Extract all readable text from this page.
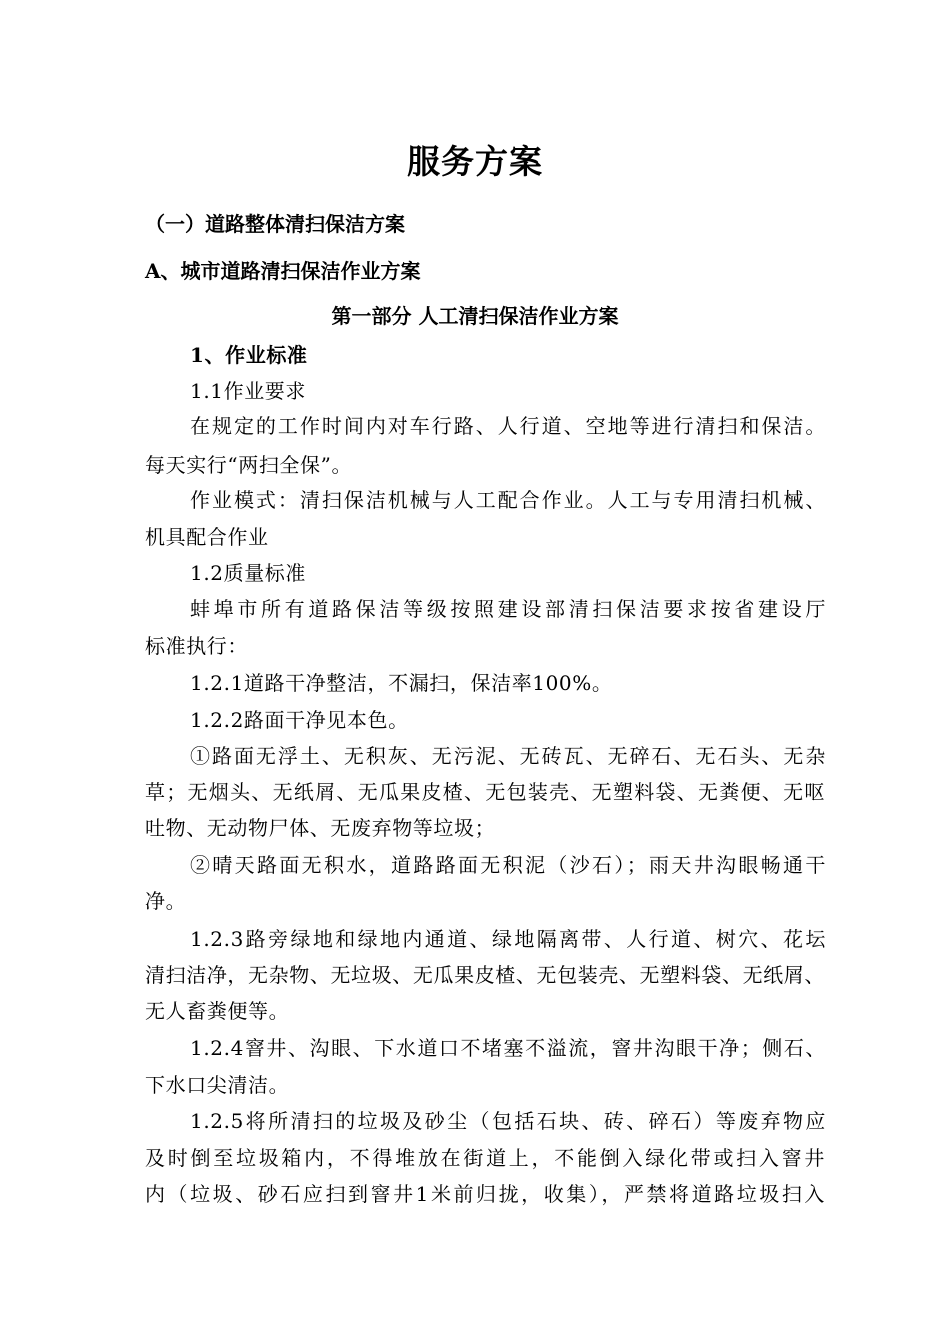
服务方案
（一）道路整体清扫保洁方案
A、城市道路清扫保洁作业方案
第一部分 人工清扫保洁作业方案
1、作业标准
1.1作业要求
在规定的工作时间内对车行路、人行道、空地等进行清扫和保洁。
每天实行“两扫全保”。
作业模式：清扫保洁机械与人工配合作业。人工与专用清扫机械、
机具配合作业
1.2质量标准
蚌埠市所有道路保洁等级按照建设部清扫保洁要求按省建设厅
标准执行：
1.2.1道路干净整洁，不漏扫，保洁率100%。
1.2.2路面干净见本色。
①路面无浮土、无积灰、无污泥、无砖瓦、无碎石、无石头、无杂
草；无烟头、无纸屑、无瓜果皮楂、无包装壳、无塑料袋、无粪便、无呕
吐物、无动物尸体、无废弃物等垃圾；
②晴天路面无积水，道路路面无积泥（沙石）；雨天井沟眼畅通干
净。
1.2.3路旁绿地和绿地内通道、绿地隔离带、人行道、树穴、花坛
清扫洁净，无杂物、无垃圾、无瓜果皮楂、无包装壳、无塑料袋、无纸屑、
无人畜粪便等。
1.2.4窨井、沟眼、下水道口不堵塞不溢流，窨井沟眼干净；侧石、
下水口尖清洁。
1.2.5将所清扫的垃圾及砂尘（包括石块、砖、碎石）等废弃物应
及时倒至垃圾箱内，不得堆放在街道上，不能倒入绿化带或扫入窨井
内（垃圾、砂石应扫到窨井1米前归拢，收集），严禁将道路垃圾扫入
